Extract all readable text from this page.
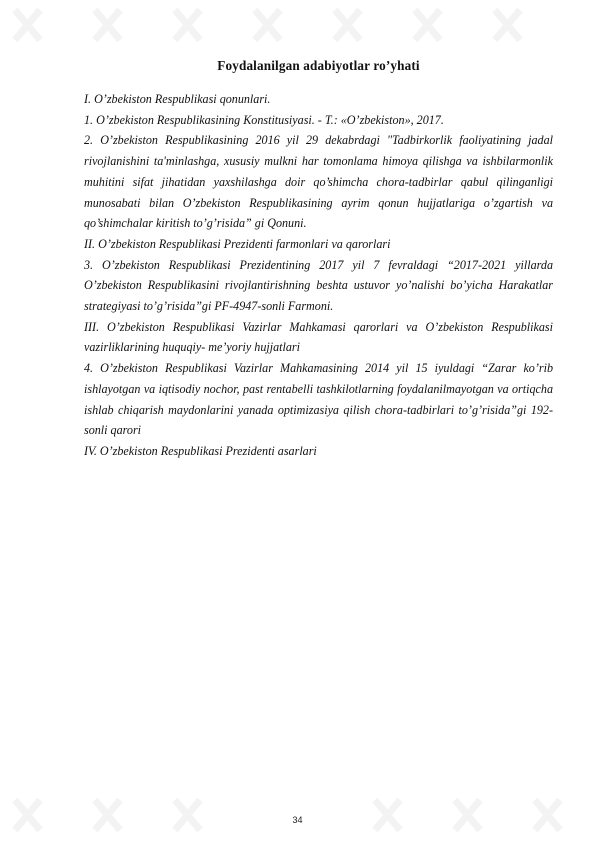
Foydalanilgan adabiyotlar ro’yhati

I. O’zbekiston Respublikasi qonunlari.

1. O’zbekiston Respublikasining Konstitusiyasi. - T.: «O’zbekiston», 2017.

2. O’zbekiston Respublikasining 2016 yil 29 dekabrdagi "Tadbirkorlik faoliyatining jadal rivojlanishini ta'minlashga, xususiy mulkni har tomonlama himoya qilishga va ishbilarmonlik muhitini sifat jihatidan yaxshilashga doir qo’shimcha chora-tadbirlar qabul qilinganligi munosabati bilan O’zbekiston Respublikasining ayrim qonun hujjatlariga o’zgartish va qo’shimchalar kiritish to’g’risida” gi Qonuni.

II. O’zbekiston Respublikasi Prezidenti farmonlari va qarorlari

3. O’zbekiston Respublikasi Prezidentining 2017 yil 7 fevraldagi “2017-2021 yillarda O’zbekiston Respublikasini rivojlantirishning beshta ustuvor yo’nalishi bo’yicha Harakatlar strategiyasi to’g’risida”gi PF-4947-sonli Farmoni.

III. O’zbekiston Respublikasi Vazirlar Mahkamasi qarorlari va O’zbekiston Respublikasi vazirliklarining huquqiy- me’yoriy hujjatlari

4. O’zbekiston Respublikasi Vazirlar Mahkamasining 2014 yil 15 iyuldagi “Zarar ko’rib ishlayotgan va iqtisodiy nochor, past rentabelli tashkilotlarning foydalanilmayotgan va ortiqcha ishlab chiqarish maydonlarini yanada optimizasiya qilish chora-tadbirlari to’g’risida”gi 192-sonli qarori

IV. O’zbekiston Respublikasi Prezidenti asarlari

34
